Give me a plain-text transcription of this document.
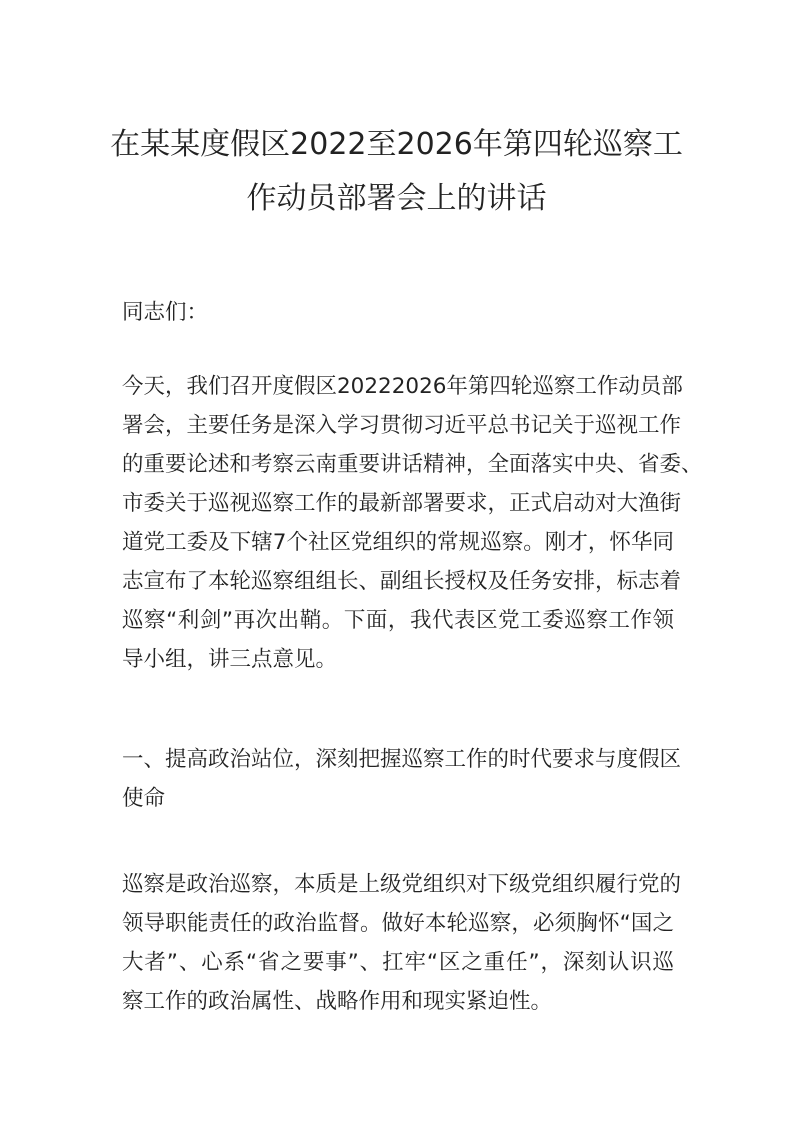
在某某度假区2022至2026年第四轮巡察工
作动员部署会上的讲话

同志们：

今天，我们召开度假区20222026年第四轮巡察工作动员部
署会，主要任务是深入学习贯彻习近平总书记关于巡视工作
的重要论述和考察云南重要讲话精神，全面落实中央、省委、
市委关于巡视巡察工作的最新部署要求，正式启动对大渔街
道党工委及下辖7个社区党组织的常规巡察。刚才，怀华同
志宣布了本轮巡察组组长、副组长授权及任务安排，标志着
巡察“利剑”再次出鞘。下面，我代表区党工委巡察工作领
导小组，讲三点意见。

一、提高政治站位，深刻把握巡察工作的时代要求与度假区
使命

巡察是政治巡察，本质是上级党组织对下级党组织履行党的
领导职能责任的政治监督。做好本轮巡察，必须胸怀“国之
大者”、心系“省之要事”、扛牢“区之重任”，深刻认识巡
察工作的政治属性、战略作用和现实紧迫性。
